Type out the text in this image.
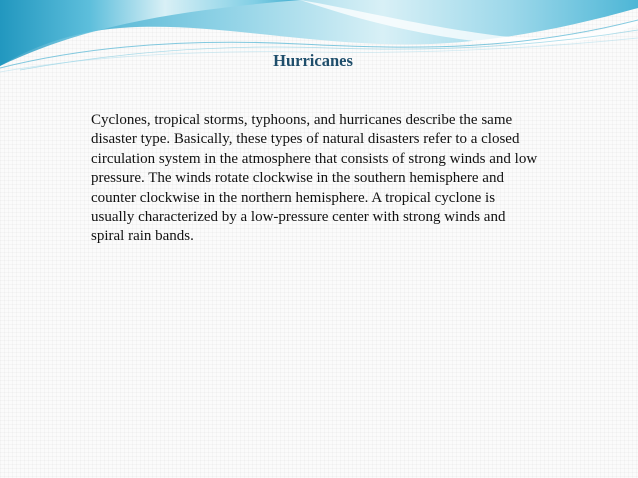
Hurricanes

Cyclones, tropical storms, typhoons, and hurricanes describe the same disaster type. Basically, these types of natural disasters refer to a closed circulation system in the atmosphere that consists of strong winds and low pressure. The winds rotate clockwise in the southern hemisphere and counter clockwise in the northern hemisphere. A tropical cyclone is usually characterized by a low-pressure center with strong winds and spiral rain bands.
